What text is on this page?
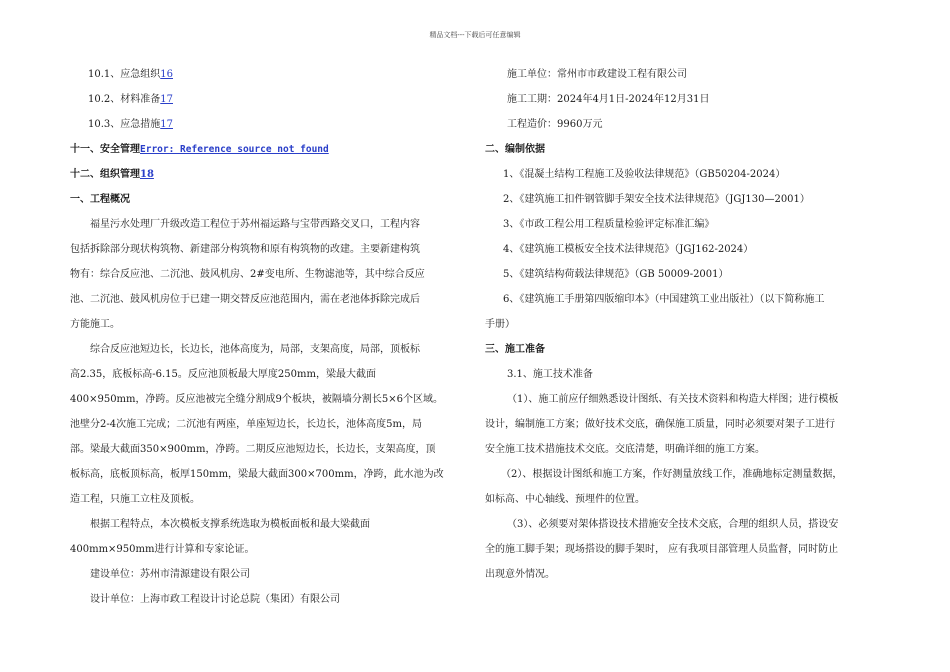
精品文档---下载后可任意编辑
10.1、应急组织16
10.2、材料准备17
10.3、应急措施17
十一、安全管理Error: Reference source not found
十二、组织管理18
一、工程概况
福星污水处理厂升级改造工程位于苏州福运路与宝带西路交叉口，工程内容
包括拆除部分现状构筑物、新建部分构筑物和原有构筑物的改建。主要新建构筑
物有：综合反应池、二沉池、鼓风机房、2#变电所、生物滤池等，其中综合反应
池、二沉池、鼓风机房位于已建一期交替反应池范围内，需在老池体拆除完成后
方能施工。
综合反应池短边长，长边长，池体高度为，局部，支架高度，局部，顶板标
高2.35，底板标高-6.15。反应池顶板最大厚度250mm，梁最大截面
400×950mm，净跨。反应池被完全缝分割成9个板块，被隔墙分割长5×6个区域。
池壁分2-4次施工完成；二沉池有两座，单座短边长，长边长，池体高度5m，局
部。梁最大截面350×900mm，净跨。二期反应池短边长，长边长，支架高度，顶
板标高，底板顶标高，板厚150mm，梁最大截面300×700mm，净跨，此水池为改
造工程，只施工立柱及顶板。
根据工程特点，本次模板支撑系统选取为模板面板和最大梁截面
400mm×950mm进行计算和专家论证。
建设单位：苏州市清源建设有限公司
设计单位：上海市政工程设计讨论总院（集团）有限公司
施工单位：常州市市政建设工程有限公司
施工工期：2024年4月1日-2024年12月31日
工程造价：9960万元
二、编制依据
1、《混凝土结构工程施工及验收法律规范》（GB50204-2024）
2、《建筑施工扣件钢管脚手架安全技术法律规范》（JGJ130—2001）
3、《市政工程公用工程质量检验评定标准汇编》
4、《建筑施工模板安全技术法律规范》（JGJ162-2024）
5、《建筑结构荷载法律规范》（GB 50009-2001）
6、《建筑施工手册第四版缩印本》（中国建筑工业出版社）（以下简称施工
手册）
三、施工准备
3.1、施工技术准备
（1）、施工前应仔细熟悉设计图纸、有关技术资料和构造大样图；进行模板
设计，编制施工方案；做好技术交底，确保施工质量，同时必须要对架子工进行
安全施工技术措施技术交底。交底清楚，明确详细的施工方案。
（2）、根据设计图纸和施工方案，作好测量放线工作，准确地标定测量数据，
如标高、中心轴线、预埋件的位置。
（3）、必须要对架体搭设技术措施安全技术交底，合理的组织人员，搭设安
全的施工脚手架；现场搭设的脚手架时， 应有我项目部管理人员监督，同时防止
出现意外情况。
